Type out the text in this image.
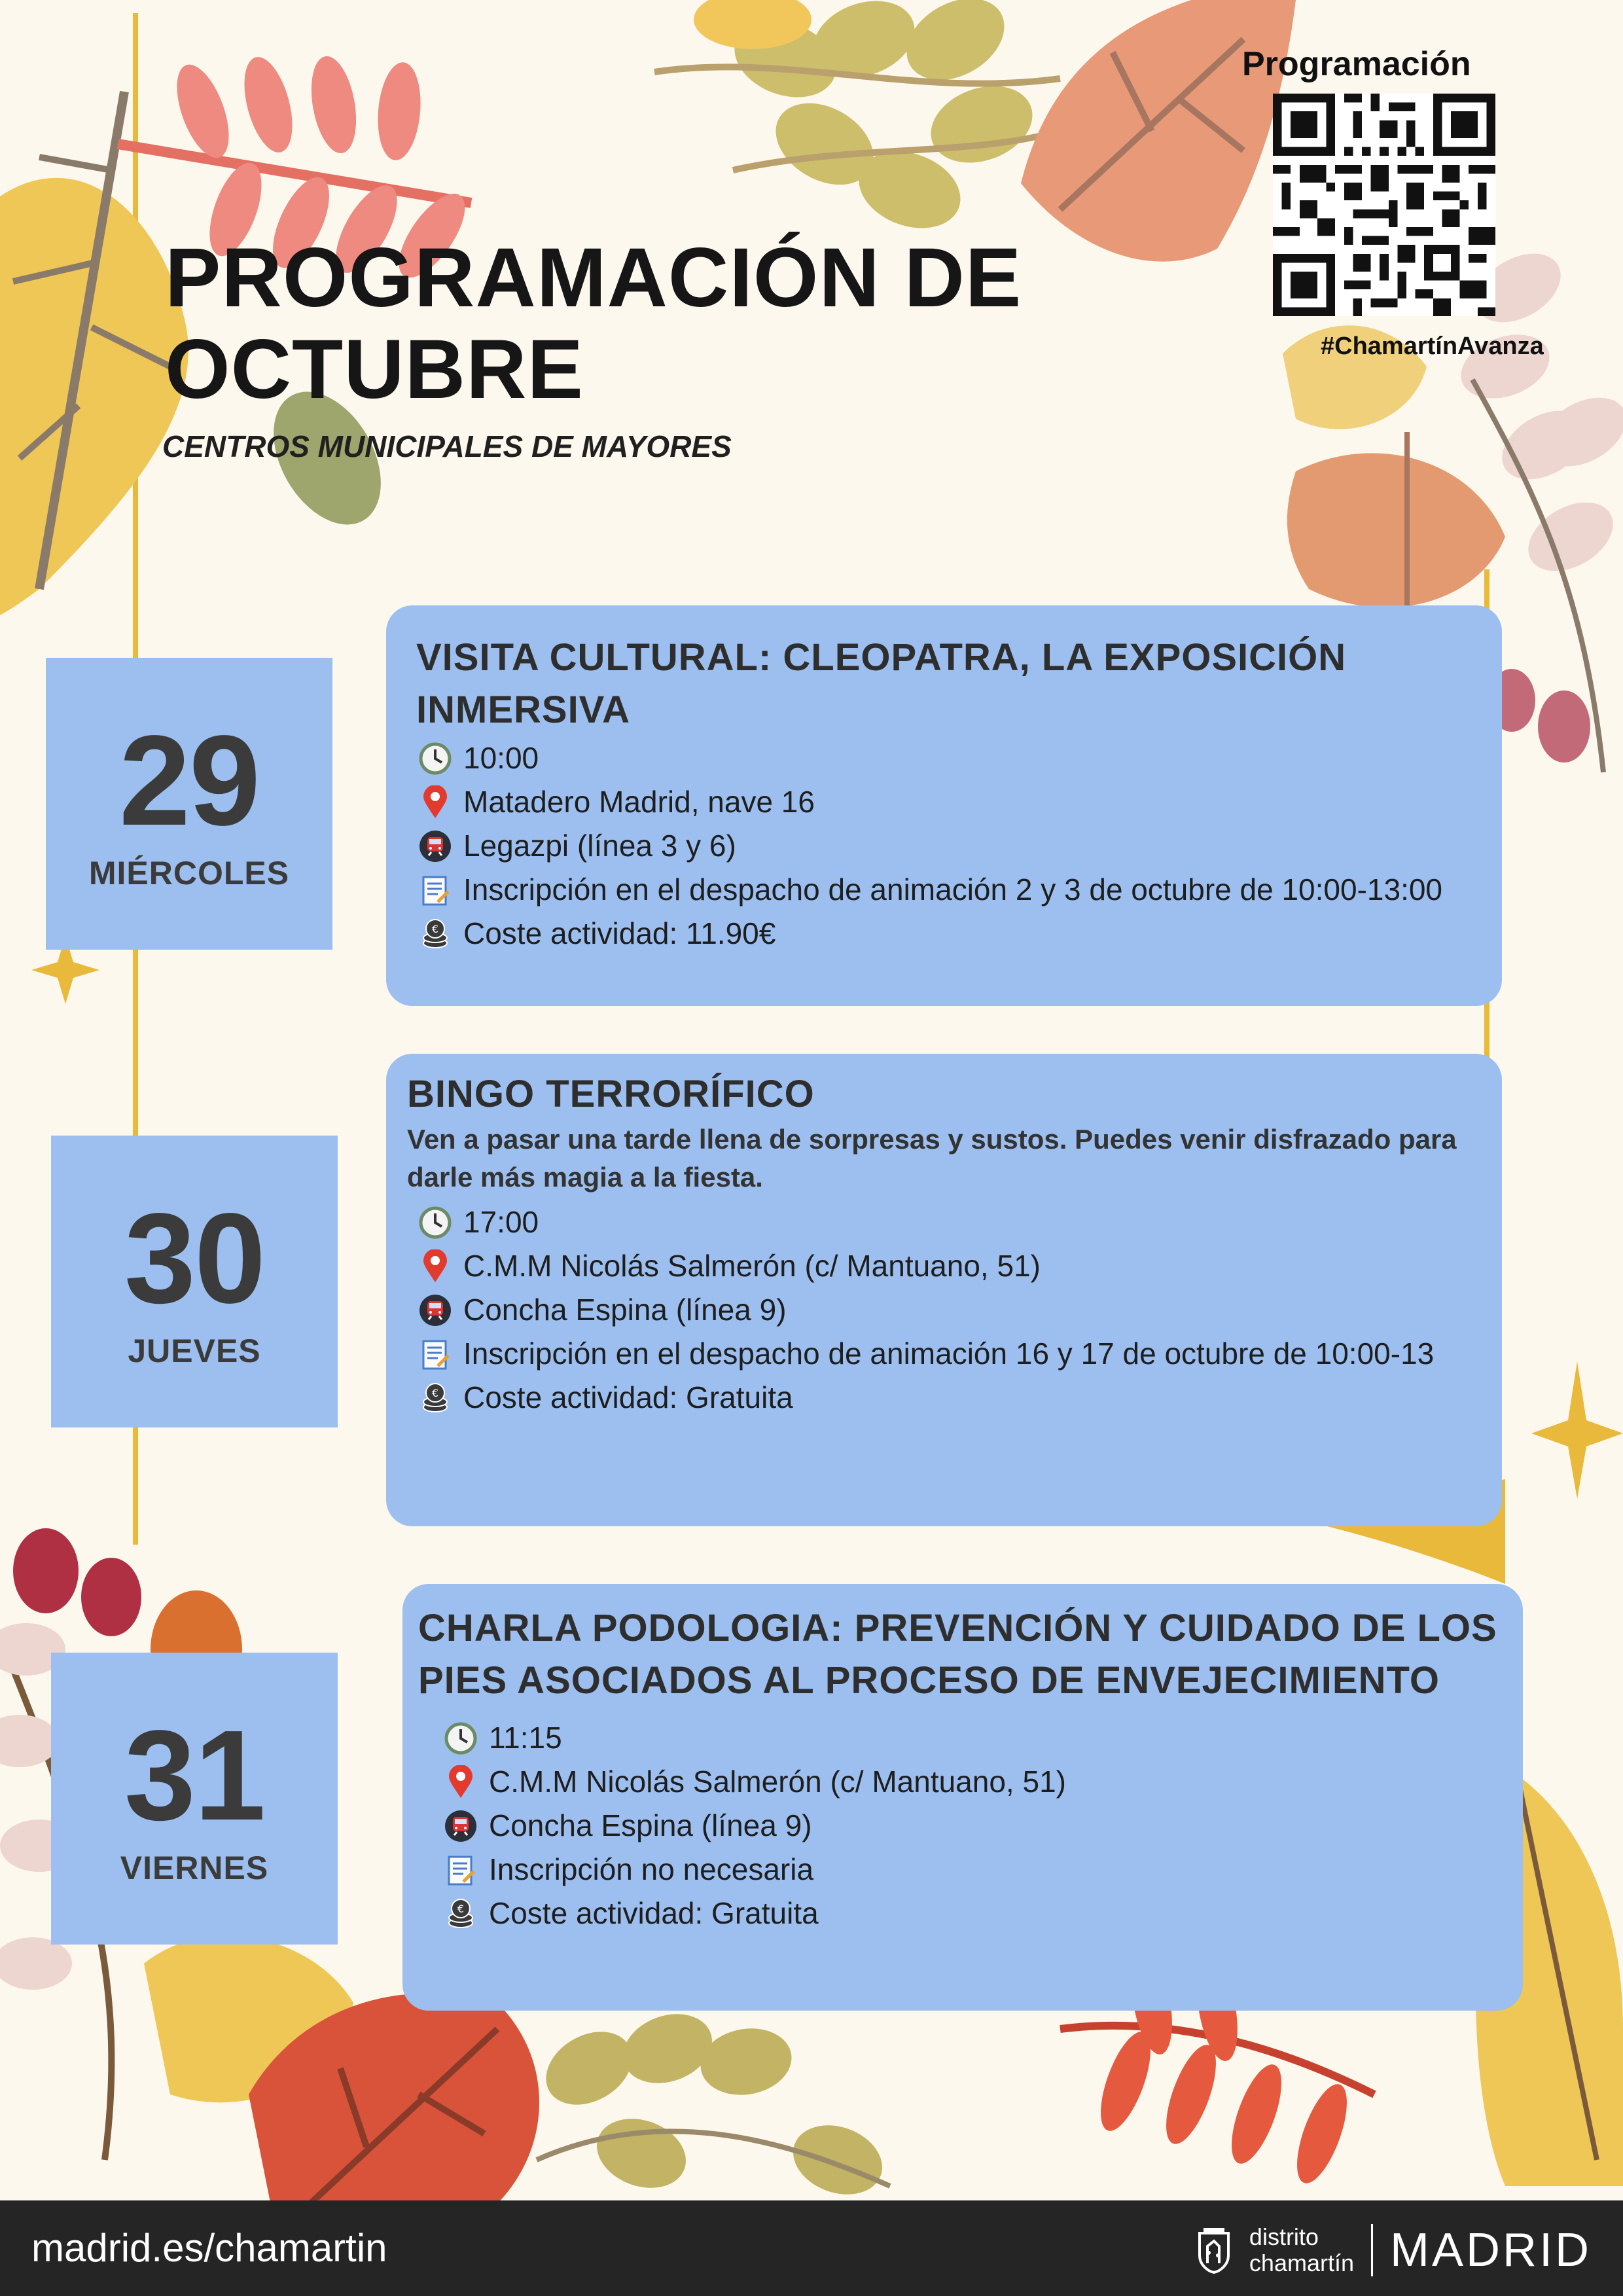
PROGRAMACIÓN DE OCTUBRE

CENTROS MUNICIPALES DE MAYORES

Programación
#ChamartínAvanza
29
MIÉRCOLES
VISITA CULTURAL: CLEOPATRA, LA EXPOSICIÓN INMERSIVA
10:00
Matadero Madrid, nave 16
Legazpi (línea 3 y 6)
Inscripción en el despacho de animación 2 y 3 de octubre de 10:00-13:00
€ Coste actividad: 11.90€
30
JUEVES
BINGO TERRORÍFICO

Ven a pasar una tarde llena de sorpresas y sustos. Puedes venir disfrazado para darle más magia a la fiesta.

17:00
C.M.M Nicolás Salmerón (c/ Mantuano, 51)
Concha Espina (línea 9)
Inscripción en el despacho de animación 16 y 17 de octubre de 10:00-13
€ Coste actividad: Gratuita
31
VIERNES
CHARLA PODOLOGIA: PREVENCIÓN Y CUIDADO DE LOS PIES ASOCIADOS AL PROCESO DE ENVEJECIMIENTO
11:15
C.M.M Nicolás Salmerón (c/ Mantuano, 51)
Concha Espina (línea 9)
Inscripción no necesaria
€ Coste actividad: Gratuita
madrid.es/chamartin	distrito
chamartín MADRID
